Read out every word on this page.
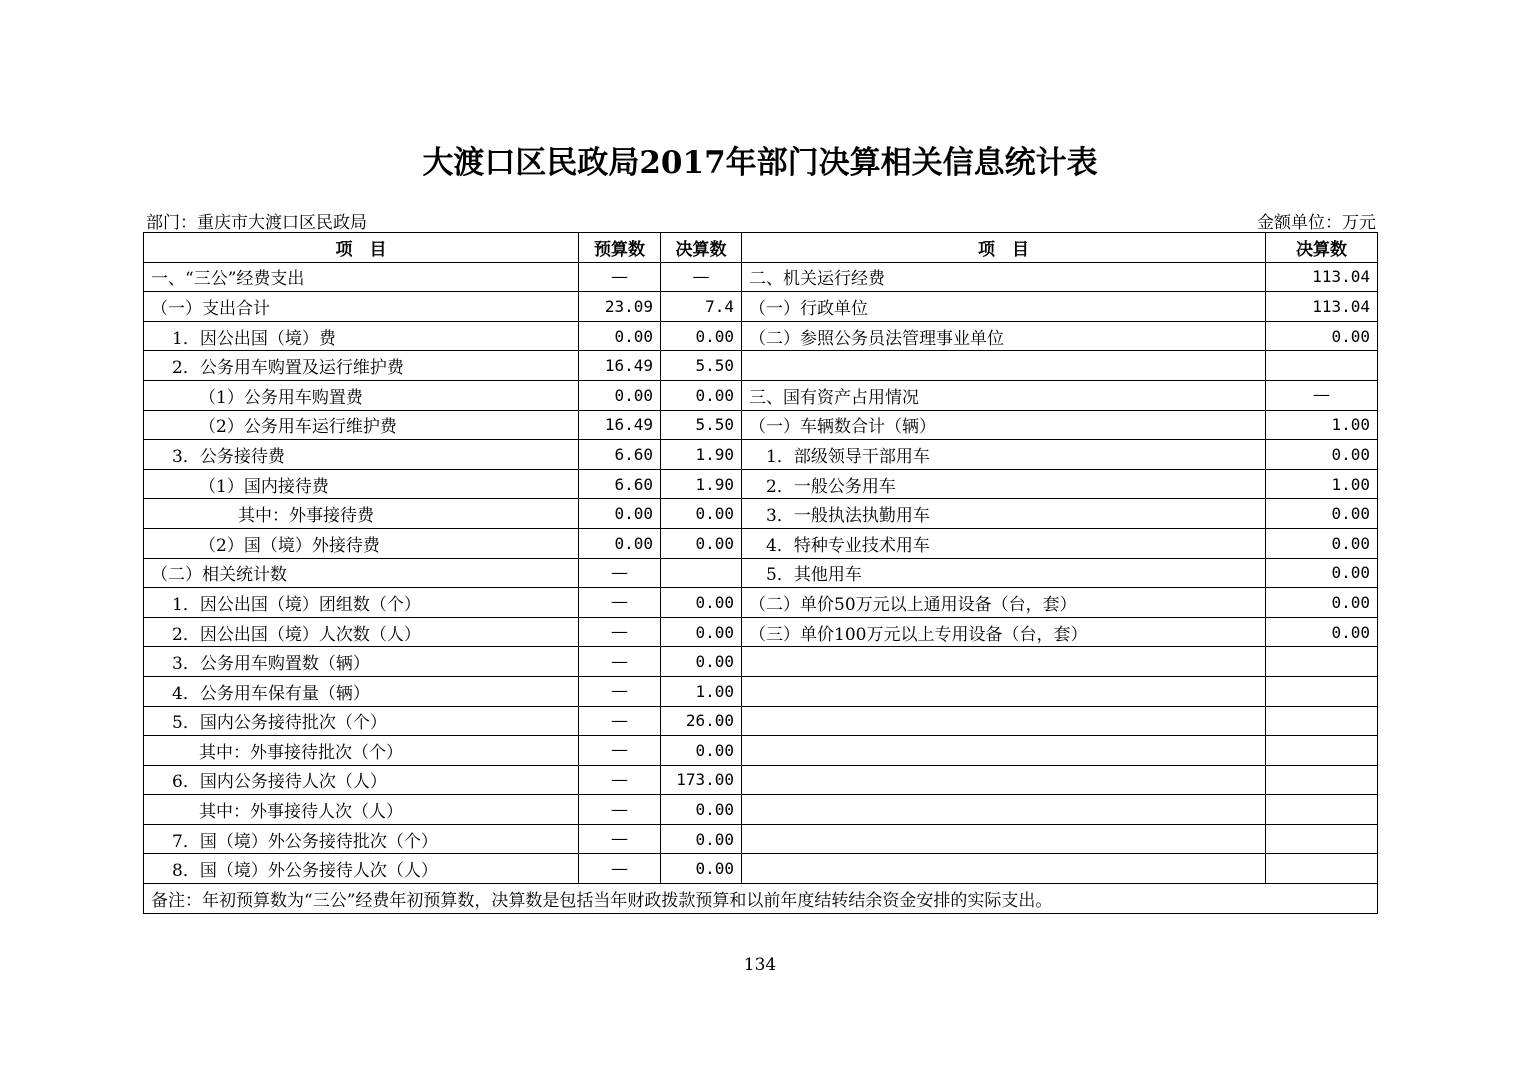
大渡口区民政局2017年部门决算相关信息统计表
部门：重庆市大渡口区民政局	金额单位：万元
项　目	预算数	决算数	项　目	决算数
一、“三公”经费支出	—	—	二、机关运行经费	113.04
（一）支出合计	23.09	7.4	（一）行政单位	113.04
1．因公出国（境）费	0.00	0.00	（二）参照公务员法管理事业单位	0.00
2．公务用车购置及运行维护费	16.49	5.50		
（1）公务用车购置费	0.00	0.00	三、国有资产占用情况	—
（2）公务用车运行维护费	16.49	5.50	（一）车辆数合计（辆）	1.00
3．公务接待费	6.60	1.90	1．部级领导干部用车	0.00
（1）国内接待费	6.60	1.90	2．一般公务用车	1.00
其中：外事接待费	0.00	0.00	3．一般执法执勤用车	0.00
（2）国（境）外接待费	0.00	0.00	4．特种专业技术用车	0.00
（二）相关统计数	—		5．其他用车	0.00
1．因公出国（境）团组数（个）	—	0.00	（二）单价50万元以上通用设备（台，套）	0.00
2．因公出国（境）人次数（人）	—	0.00	（三）单价100万元以上专用设备（台，套）	0.00
3．公务用车购置数（辆）	—	0.00		
4．公务用车保有量（辆）	—	1.00		
5．国内公务接待批次（个）	—	26.00		
其中：外事接待批次（个）	—	0.00		
6．国内公务接待人次（人）	—	173.00		
其中：外事接待人次（人）	—	0.00		
7．国（境）外公务接待批次（个）	—	0.00		
8．国（境）外公务接待人次（人）	—	0.00		
备注：年初预算数为“三公”经费年初预算数，决算数是包括当年财政拨款预算和以前年度结转结余资金安排的实际支出。				
134
